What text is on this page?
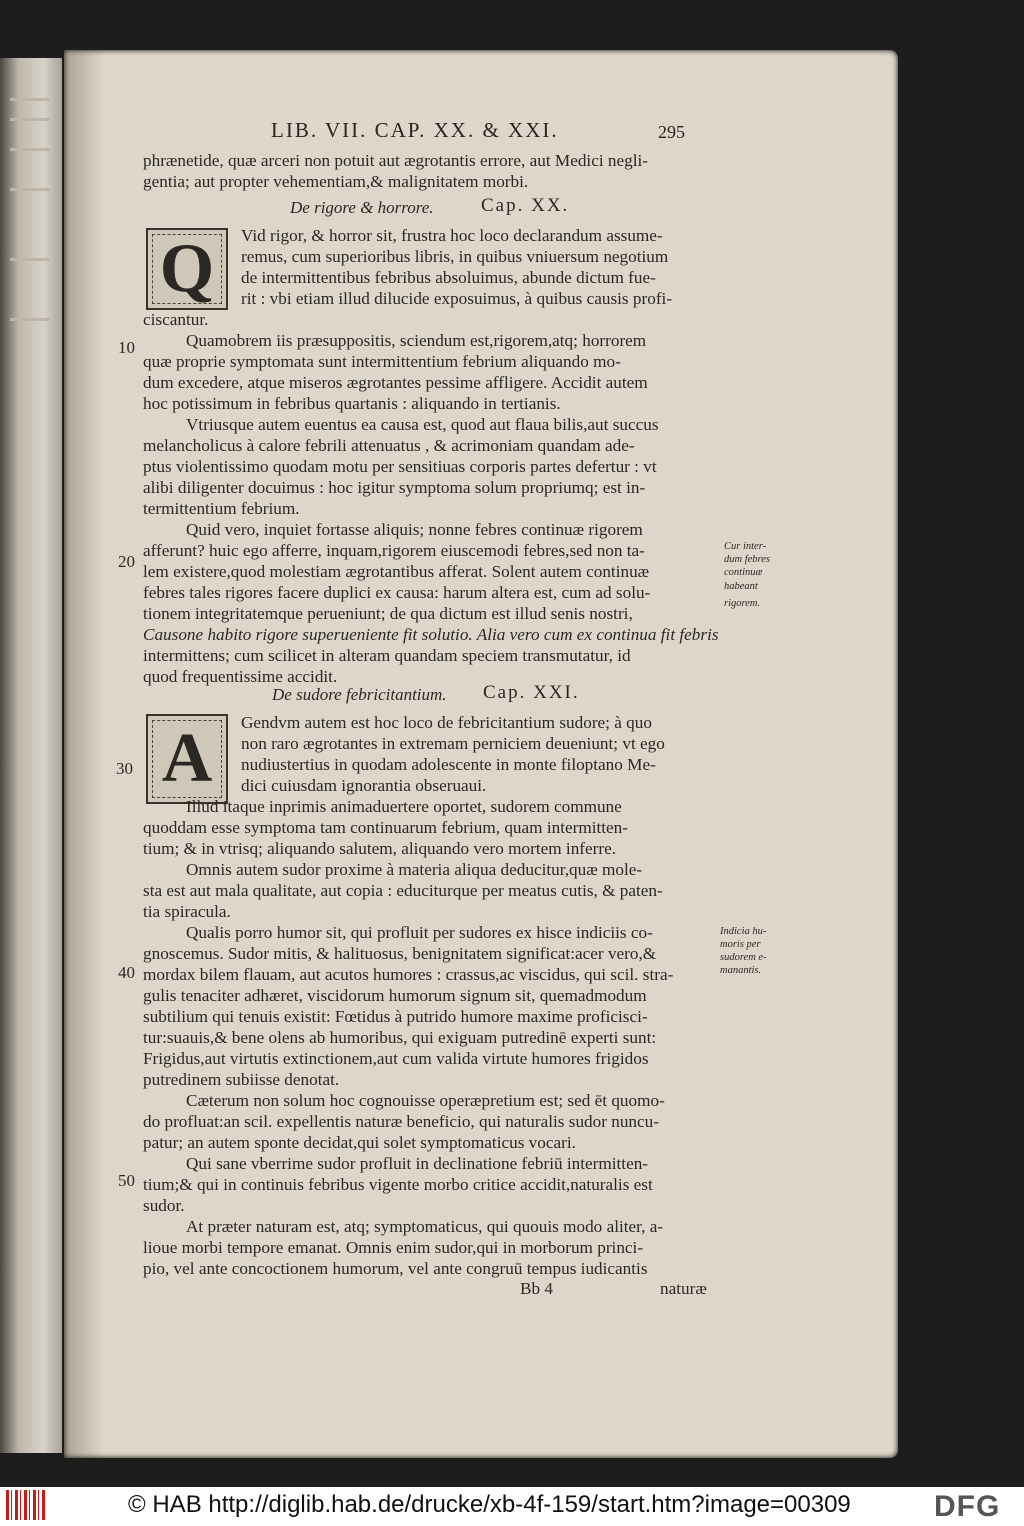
LIB. VII. CAP. XX. & XXI.	295
phrænetide, quæ arceri non potuit aut ægrotantis errore, aut Medici negli-
gentia; aut propter vehementiam,& malignitatem morbi.
De rigore & horrore. Cap. XX.
Q Vid rigor, & horror sit, frustra hoc loco declarandum assume-
remus, cum superioribus libris, in quibus vniuersum negotium
de intermittentibus febribus absoluimus, abunde dictum fue-
rit : vbi etiam illud dilucide exposuimus, à quibus causis profi-
ciscantur.
Quamobrem iis præsuppositis, sciendum est,rigorem,atq; horrorem
quæ proprie symptomata sunt intermittentium febrium aliquando mo-
dum excedere, atque miseros ægrotantes pessime affligere. Accidit autem
hoc potissimum in febribus quartanis : aliquando in tertianis.
Vtriusque autem euentus ea causa est, quod aut flaua bilis,aut succus
melancholicus à calore febrili attenuatus , & acrimoniam quandam ade-
ptus violentissimo quodam motu per sensitiuas corporis partes defertur : vt
alibi diligenter docuimus : hoc igitur symptoma solum propriumq; est in-
termittentium febrium.
Quid vero, inquiet fortasse aliquis; nonne febres continuæ rigorem
afferunt? huic ego afferre, inquam,rigorem eiuscemodi febres,sed non ta-
lem existere,quod molestiam ægrotantibus afferat. Solent autem continuæ
febres tales rigores facere duplici ex causa: harum altera est, cum ad solu-
tionem integritatemque perueniunt; de qua dictum est illud senis nostri,
Causone habito rigore superueniente fit solutio. Alia vero cum ex continua fit febris
intermittens; cum scilicet in alteram quandam speciem transmutatur, id
quod frequentissime accidit.
Cur inter-
dum febres
continuæ
habeant
rigorem.
De sudore febricitantium. Cap. XXI.
A Gendvm autem est hoc loco de febricitantium sudore; à quo
non raro ægrotantes in extremam perniciem deueniunt; vt ego
nudiustertius in quodam adolescente in monte filoptano Me-
dici cuiusdam ignorantia obseruaui.
Illud itaque inprimis animaduertere oportet, sudorem commune
quoddam esse symptoma tam continuarum febrium, quam intermitten-
tium; & in vtrisq; aliquando salutem, aliquando vero mortem inferre.
Omnis autem sudor proxime à materia aliqua deducitur,quæ mole-
sta est aut mala qualitate, aut copia : educiturque per meatus cutis, & paten-
tia spiracula.
Qualis porro humor sit, qui profluit per sudores ex hisce indiciis co-
gnoscemus. Sudor mitis, & halituosus, benignitatem significat:acer vero,&
mordax bilem flauam, aut acutos humores : crassus,ac viscidus, qui scil. stra-
gulis tenaciter adhæret, viscidorum humorum signum sit, quemadmodum
subtilium qui tenuis existit: Fœtidus à putrido humore maxime proficisci-
tur:suauis,& bene olens ab humoribus, qui exiguam putredinē experti sunt:
Frigidus,aut virtutis extinctionem,aut cum valida virtute humores frigidos
putredinem subiisse denotat.
Cæterum non solum hoc cognouisse operæpretium est; sed ēt quomo-
do profluat:an scil. expellentis naturæ beneficio, qui naturalis sudor nuncu-
patur; an autem sponte decidat,qui solet symptomaticus vocari.
Qui sane vberrime sudor profluit in declinatione febriū intermitten-
tium;& qui in continuis febribus vigente morbo critice accidit,naturalis est
sudor.
At præter naturam est, atq; symptomaticus, qui quouis modo aliter, a-
lioue morbi tempore emanat. Omnis enim sudor,qui in morborum princi-
pio, vel ante concoctionem humorum, vel ante congruū tempus iudicantis
Indicia hu-
moris per
sudorem e-
manantis.
10
20
30
40
50
Bb 4	naturæ
© HAB http://diglib.hab.de/drucke/xb-4f-159/start.htm?image=00309	DFG
